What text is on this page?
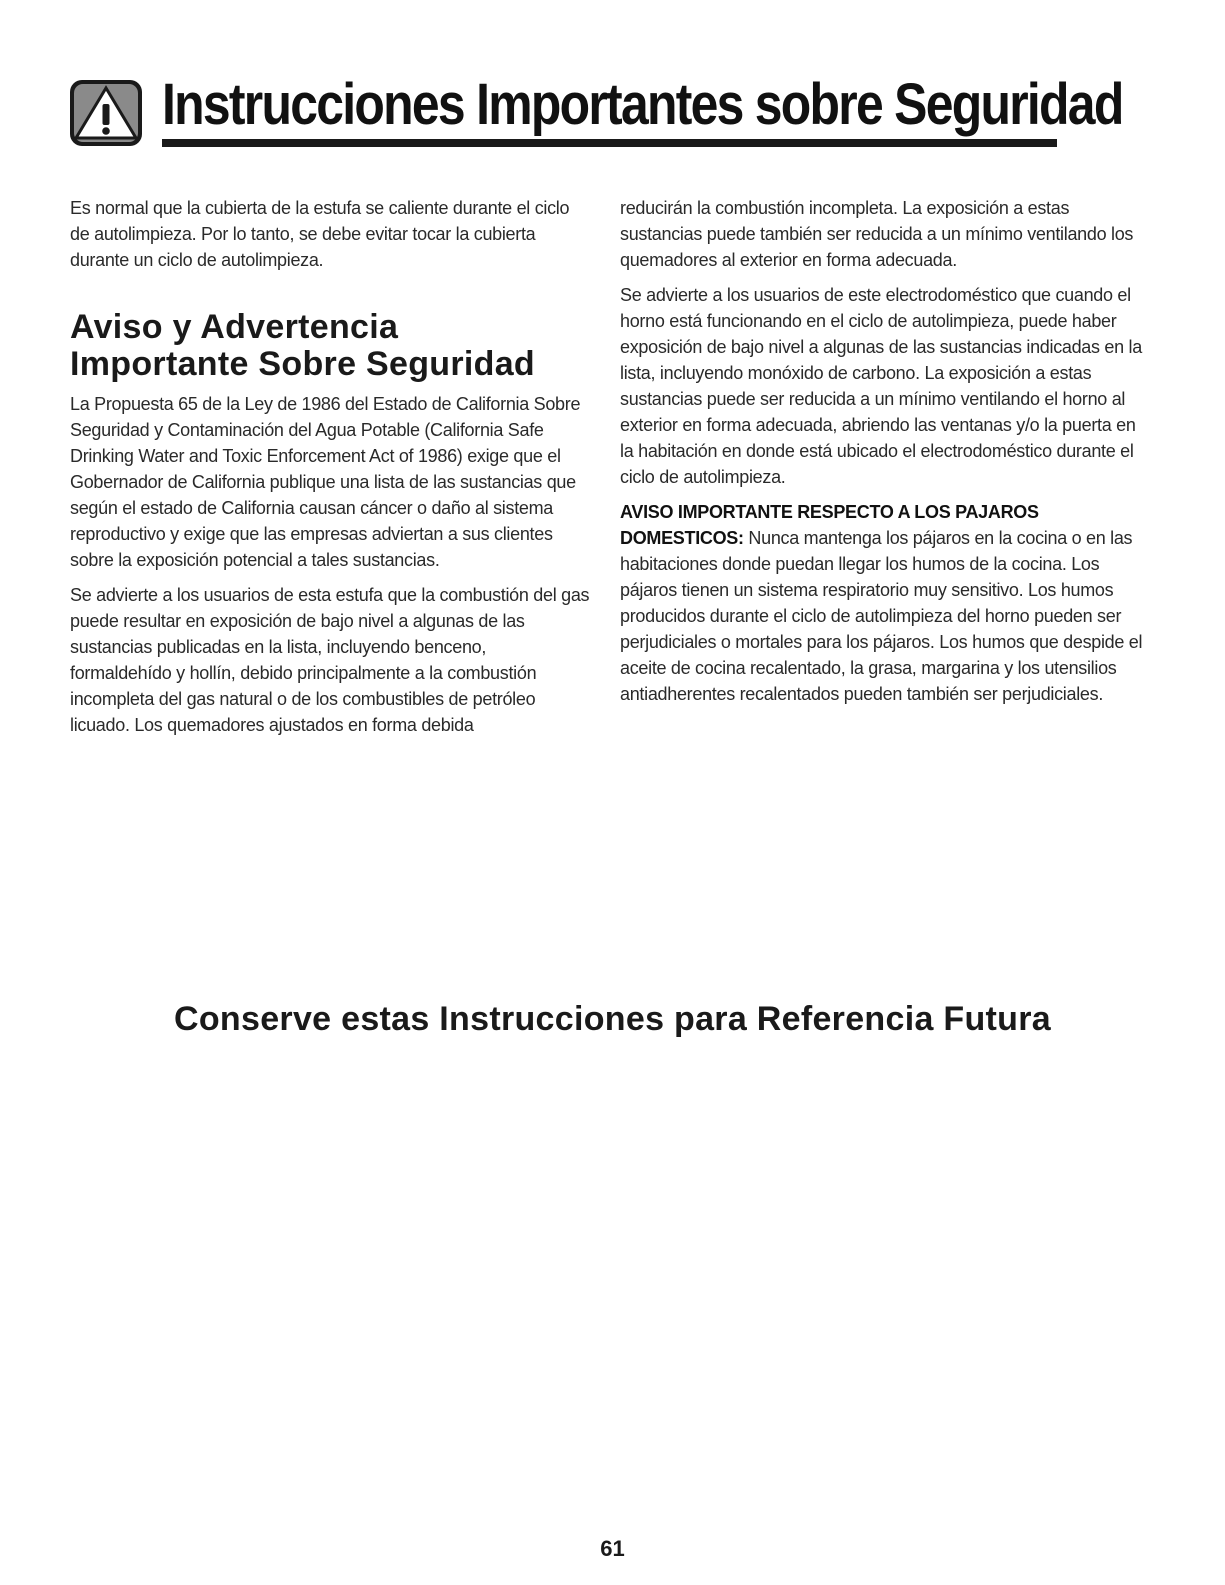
Instrucciones Importantes sobre Seguridad

Es normal que la cubierta de la estufa se caliente durante el ciclo de autolimpieza. Por lo tanto, se debe evitar tocar la cubierta durante un ciclo de autolimpieza.

Aviso y Advertencia
Importante Sobre Seguridad

La Propuesta 65 de la Ley de 1986 del Estado de California Sobre Seguridad y Contaminación del Agua Potable (California Safe Drinking Water and Toxic Enforcement Act of 1986) exige que el Gobernador de California publique una lista de las sustancias que según el estado de California causan cáncer o daño al sistema reproductivo y exige que las empresas adviertan a sus clientes sobre la exposición potencial a tales sustancias.

Se advierte a los usuarios de esta estufa que la combustión del gas puede resultar en exposición de bajo nivel a algunas de las sustancias publicadas en la lista, incluyendo benceno, formaldehído y hollín, debido principalmente a la combustión incompleta del gas natural o de los combustibles de petróleo licuado. Los quemadores ajustados en forma debida

reducirán la combustión incompleta. La exposición a estas sustancias puede también ser reducida a un mínimo ventilando los quemadores al exterior en forma adecuada.

Se advierte a los usuarios de este electrodoméstico que cuando el horno está funcionando en el ciclo de autolimpieza, puede haber exposición de bajo nivel a algunas de las sustancias indicadas en la lista, incluyendo monóxido de carbono. La exposición a estas sustancias puede ser reducida a un mínimo ventilando el horno al exterior en forma adecuada, abriendo las ventanas y/o la puerta en la habitación en donde está ubicado el electrodoméstico durante el ciclo de autolimpieza.

AVISO IMPORTANTE RESPECTO A LOS PAJAROS DOMESTICOS: Nunca mantenga los pájaros en la cocina o en las habitaciones donde puedan llegar los humos de la cocina. Los pájaros tienen un sistema respiratorio muy sensitivo. Los humos producidos durante el ciclo de autolimpieza del horno pueden ser perjudiciales o mortales para los pájaros. Los humos que despide el aceite de cocina recalentado, la grasa, margarina y los utensilios antiadherentes recalentados pueden también ser perjudiciales.

Conserve estas Instrucciones para Referencia Futura
61
